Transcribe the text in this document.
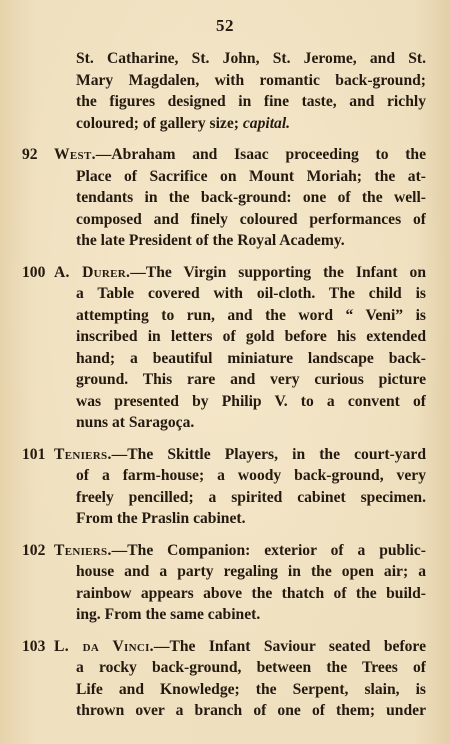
52
St. Catharine, St. John, St. Jerome, and St.
Mary Magdalen, with romantic back-ground;
the figures designed in fine taste, and richly
coloured; of gallery size; capital.
92 West.—Abraham and Isaac proceeding to the
Place of Sacrifice on Mount Moriah; the at-
tendants in the back-ground: one of the well-
composed and finely coloured performances of
the late President of the Royal Academy.
100 A. Durer.—The Virgin supporting the Infant on
a Table covered with oil-cloth. The child is
attempting to run, and the word “ Veni” is
inscribed in letters of gold before his extended
hand; a beautiful miniature landscape back-
ground. This rare and very curious picture
was presented by Philip V. to a convent of
nuns at Saragoça.
101 Teniers.—The Skittle Players, in the court-yard
of a farm-house; a woody back-ground, very
freely pencilled; a spirited cabinet specimen.
From the Praslin cabinet.
102 Teniers.—The Companion: exterior of a public-
house and a party regaling in the open air; a
rainbow appears above the thatch of the build-
ing. From the same cabinet.
103 L. da Vinci.—The Infant Saviour seated before
a rocky back-ground, between the Trees of
Life and Knowledge; the Serpent, slain, is
thrown over a branch of one of them; under
